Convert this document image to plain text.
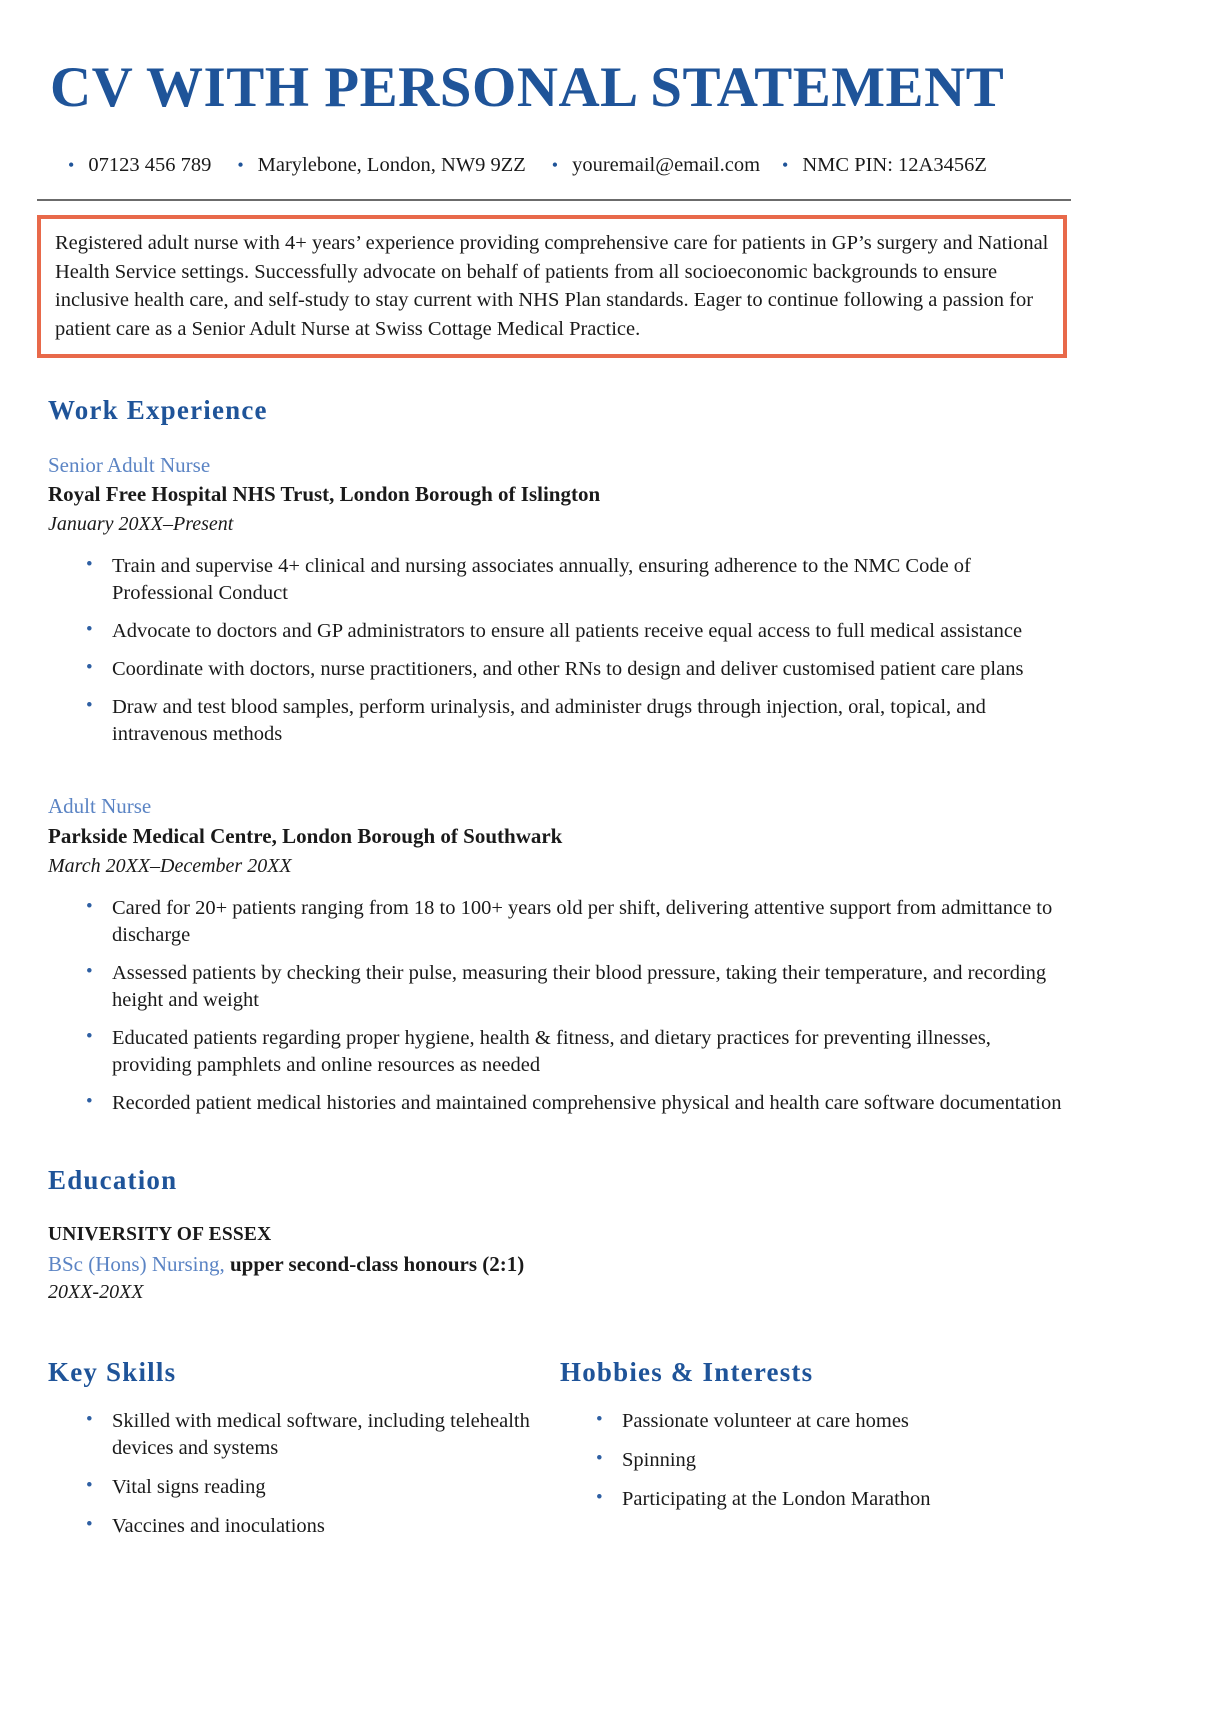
CV WITH PERSONAL STATEMENT
• 07123 456 789 • Marylebone, London, NW9 9ZZ • youremail@email.com • NMC PIN: 12A3456Z
Registered adult nurse with 4+ years’ experience providing comprehensive care for patients in GP’s surgery and National Health Service settings. Successfully advocate on behalf of patients from all socioeconomic backgrounds to ensure inclusive health care, and self-study to stay current with NHS Plan standards. Eager to continue following a passion for patient care as a Senior Adult Nurse at Swiss Cottage Medical Practice.
Work Experience
Senior Adult Nurse
Royal Free Hospital NHS Trust, London Borough of Islington
January 20XX–Present
• Train and supervise 4+ clinical and nursing associates annually, ensuring adherence to the NMC Code of Professional Conduct
• Advocate to doctors and GP administrators to ensure all patients receive equal access to full medical assistance
• Coordinate with doctors, nurse practitioners, and other RNs to design and deliver customised patient care plans
• Draw and test blood samples, perform urinalysis, and administer drugs through injection, oral, topical, and intravenous methods
Adult Nurse
Parkside Medical Centre, London Borough of Southwark
March 20XX–December 20XX
• Cared for 20+ patients ranging from 18 to 100+ years old per shift, delivering attentive support from admittance to discharge
• Assessed patients by checking their pulse, measuring their blood pressure, taking their temperature, and recording height and weight
• Educated patients regarding proper hygiene, health & fitness, and dietary practices for preventing illnesses, providing pamphlets and online resources as needed
• Recorded patient medical histories and maintained comprehensive physical and health care software documentation
Education
UNIVERSITY OF ESSEX
BSc (Hons) Nursing, upper second-class honours (2:1)
20XX-20XX
Key Skills
• Skilled with medical software, including telehealth devices and systems
• Vital signs reading
• Vaccines and inoculations
Hobbies & Interests
• Passionate volunteer at care homes
• Spinning
• Participating at the London Marathon
